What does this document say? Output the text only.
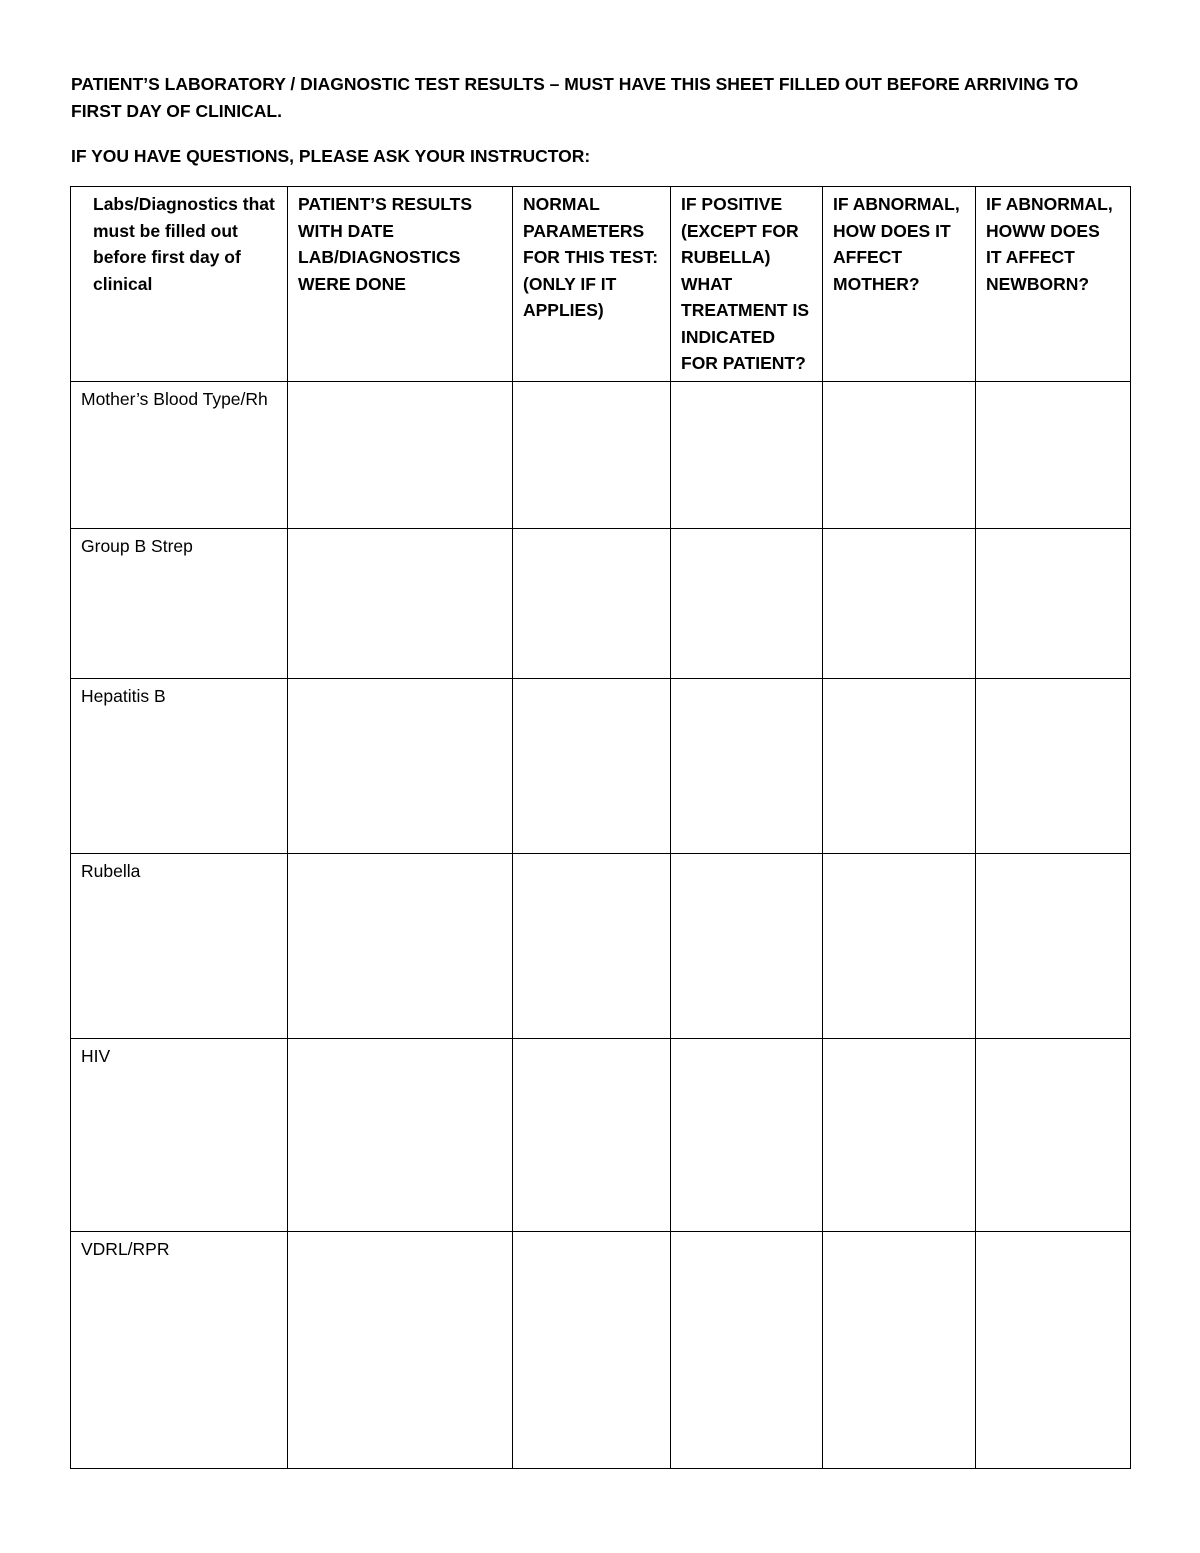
PATIENT’S LABORATORY / DIAGNOSTIC TEST RESULTS – MUST HAVE THIS SHEET FILLED OUT BEFORE ARRIVING TO FIRST DAY OF CLINICAL.

IF YOU HAVE QUESTIONS, PLEASE ASK YOUR INSTRUCTOR:

Labs/Diagnostics that must be filled out before first day of clinical	PATIENT’S RESULTS WITH DATE LAB/DIAGNOSTICS WERE DONE	NORMAL PARAMETERS FOR THIS TEST: (ONLY IF IT APPLIES)	IF POSITIVE (EXCEPT FOR RUBELLA) WHAT TREATMENT IS INDICATED FOR PATIENT?	IF ABNORMAL, HOW DOES IT AFFECT MOTHER?	IF ABNORMAL, HOWW DOES IT AFFECT NEWBORN?
Mother’s Blood Type/Rh					
Group B Strep					
Hepatitis B					
Rubella					
HIV					
VDRL/RPR					
